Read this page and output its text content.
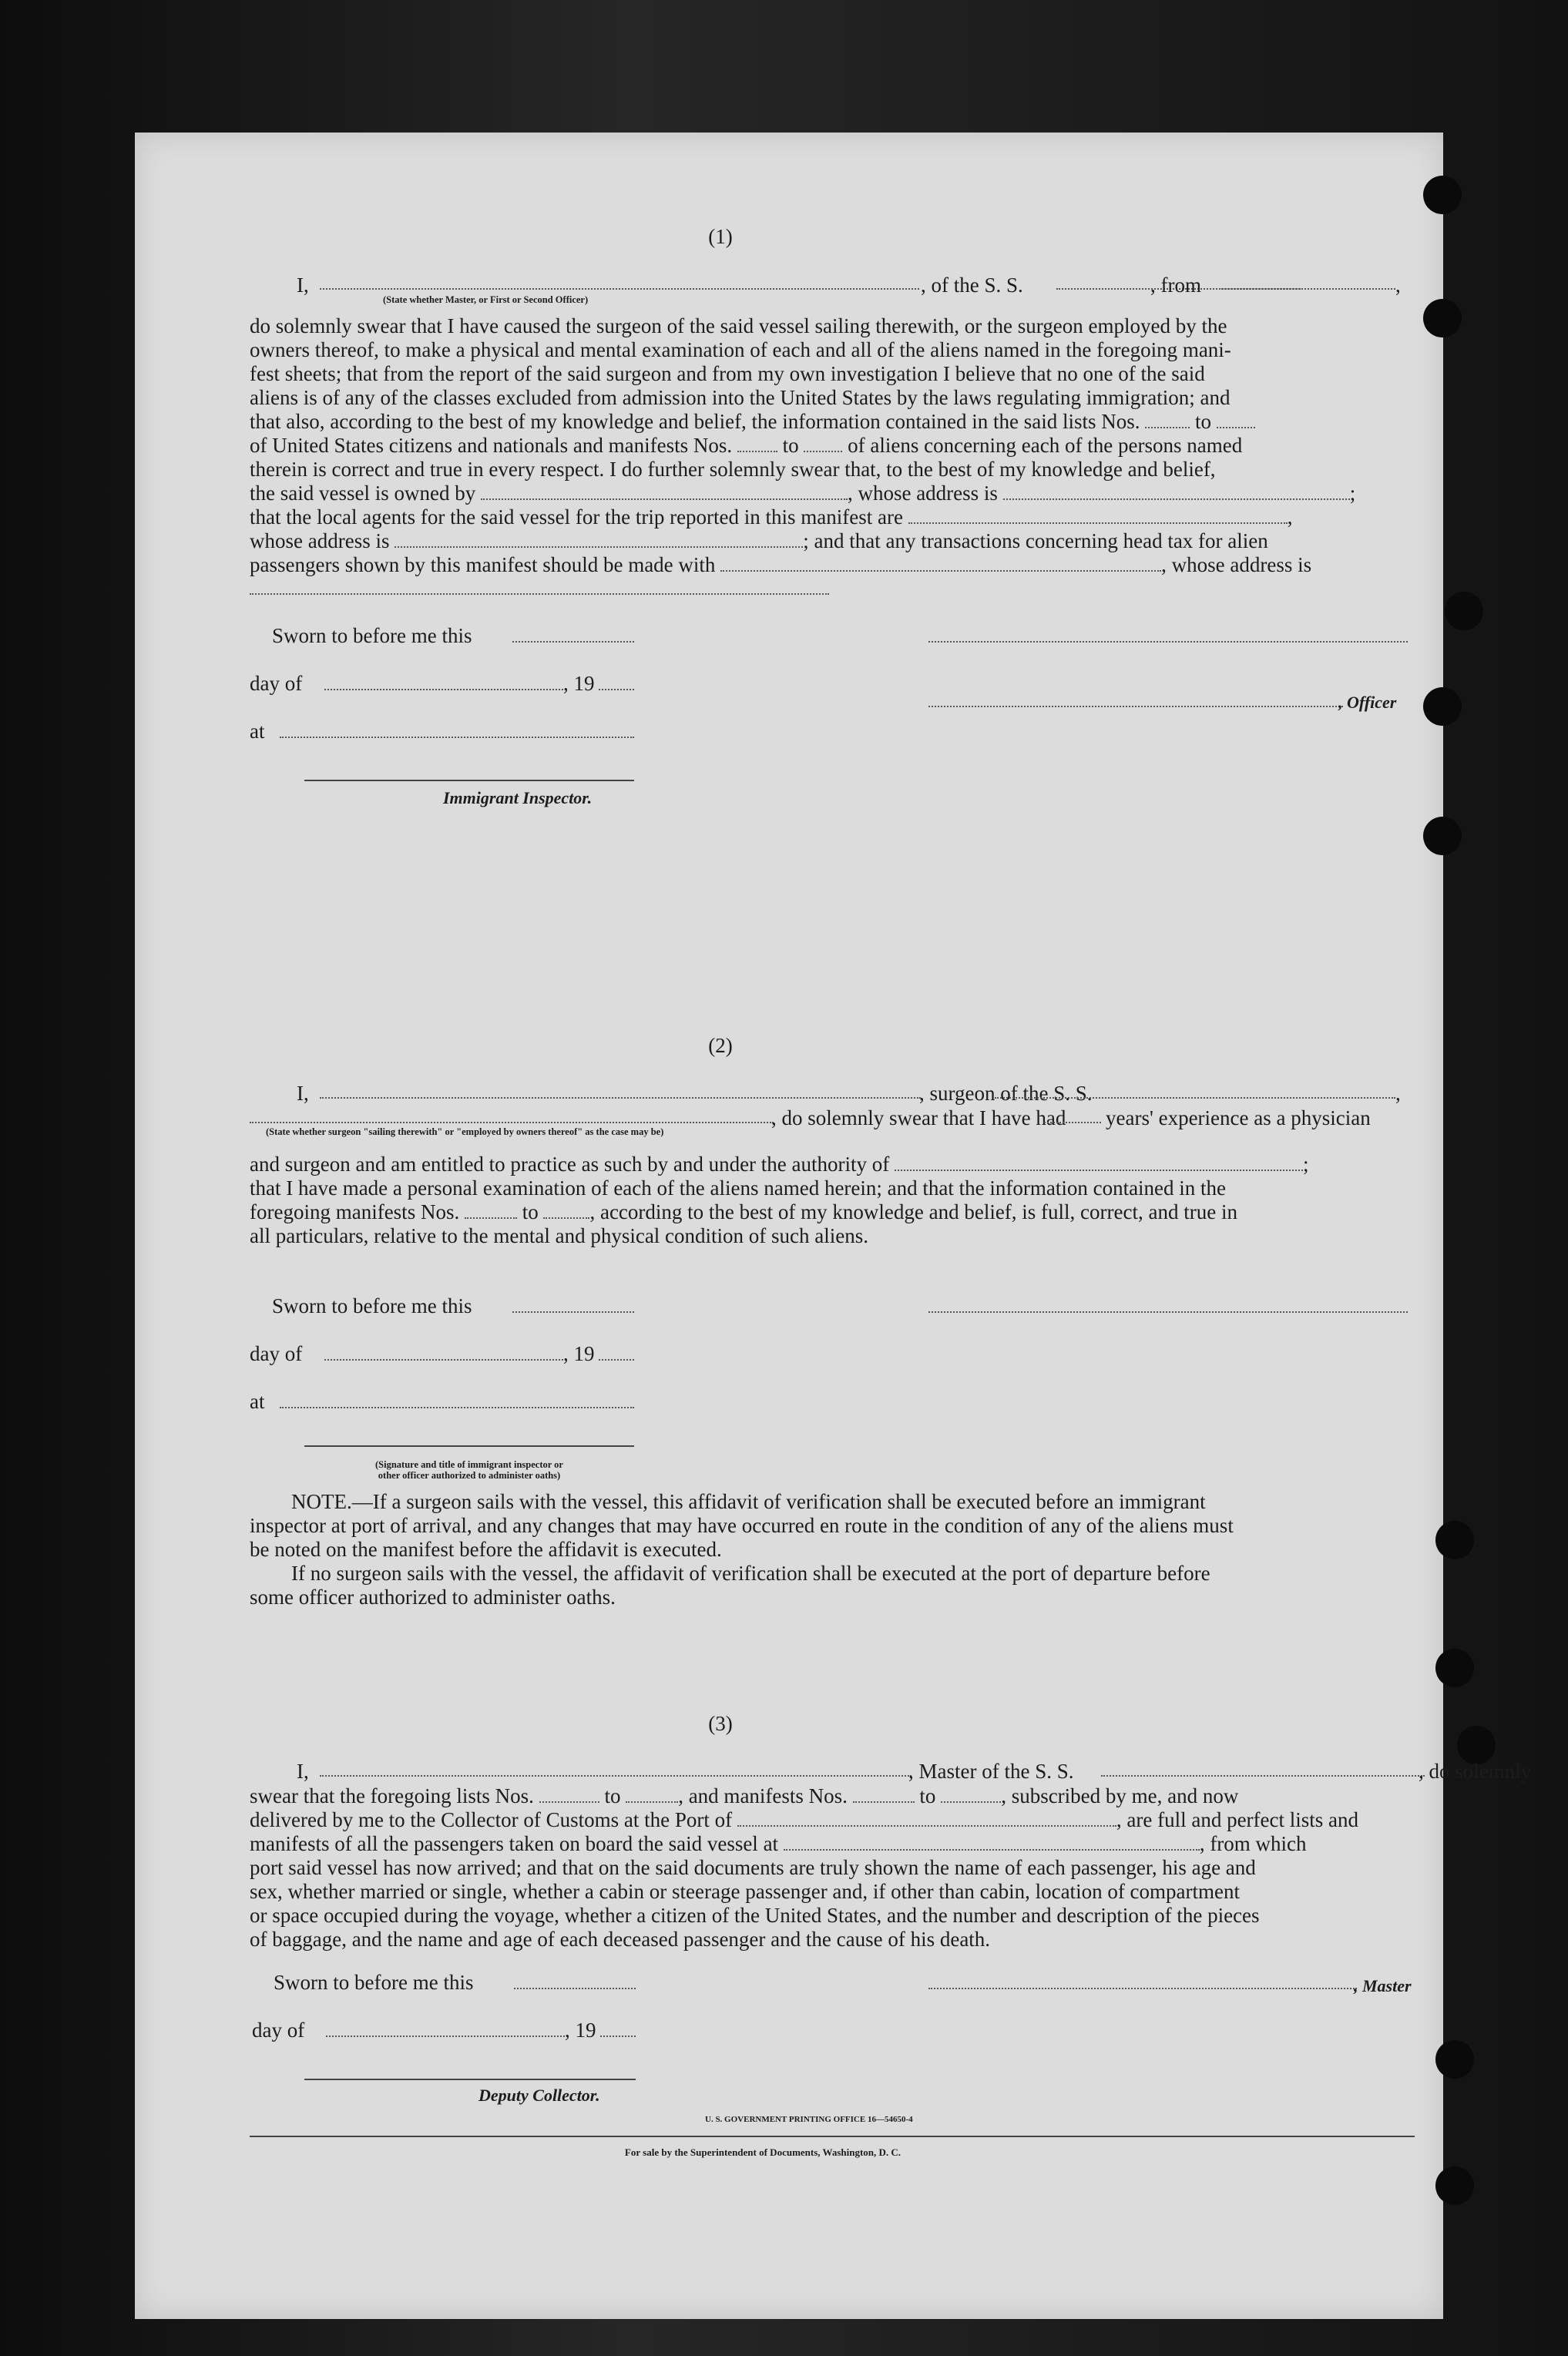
(1)
I,
(State whether Master, or First or Second Officer)
, of the S. S.	, from	,
do solemnly swear that I have caused the surgeon of the said vessel sailing therewith, or the surgeon employed by the
owners thereof, to make a physical and mental examination of each and all of the aliens named in the foregoing mani-
fest sheets; that from the report of the said surgeon and from my own investigation I believe that no one of the said
aliens is of any of the classes excluded from admission into the United States by the laws regulating immigration; and
that also, according to the best of my knowledge and belief, the information contained in the said lists Nos.	to
of United States citizens and nationals and manifests Nos. to of aliens concerning each of the persons named
therein is correct and true in every respect. I do further solemnly swear that, to the best of my knowledge and belief,
the said vessel is owned by	, whose address is	;
that the local agents for the said vessel for the trip reported in this manifest are	,
whose address is	; and that any transactions concerning head tax for alien
passengers shown by this manifest should be made with	, whose address is
Sworn to before me this
day of	, 19
, Officer
at
Immigrant Inspector.
(2)
I,	, surgeon of the S. S.	,
, do solemnly swear that I have had years' experience as a physician
(State whether surgeon "sailing therewith" or "employed by owners thereof" as the case may be)
and surgeon and am entitled to practice as such by and under the authority of	;
that I have made a personal examination of each of the aliens named herein; and that the information contained in the
foregoing manifests Nos.	to , according to the best of my knowledge and belief, is full, correct, and true in
all particulars, relative to the mental and physical condition of such aliens.
Sworn to before me this
day of	, 19
at
(Signature and title of immigrant inspector or
other officer authorized to administer oaths)
NOTE.—If a surgeon sails with the vessel, this affidavit of verification shall be executed before an immigrant
inspector at port of arrival, and any changes that may have occurred en route in the condition of any of the aliens must
be noted on the manifest before the affidavit is executed.
If no surgeon sails with the vessel, the affidavit of verification shall be executed at the port of departure before
some officer authorized to administer oaths.
(3)
I,	, Master of the S. S.	, do solemnly
swear that the foregoing lists Nos.	to	, and manifests Nos.	to	, subscribed by me, and now
delivered by me to the Collector of Customs at the Port of	, are full and perfect lists and
manifests of all the passengers taken on board the said vessel at	, from which
port said vessel has now arrived; and that on the said documents are truly shown the name of each passenger, his age and
sex, whether married or single, whether a cabin or steerage passenger and, if other than cabin, location of compartment
or space occupied during the voyage, whether a citizen of the United States, and the number and description of the pieces
of baggage, and the name and age of each deceased passenger and the cause of his death.
Sworn to before me this	, Master
day of	, 19
Deputy Collector.
U. S. GOVERNMENT PRINTING OFFICE 16—54650-4
For sale by the Superintendent of Documents, Washington, D. C.
